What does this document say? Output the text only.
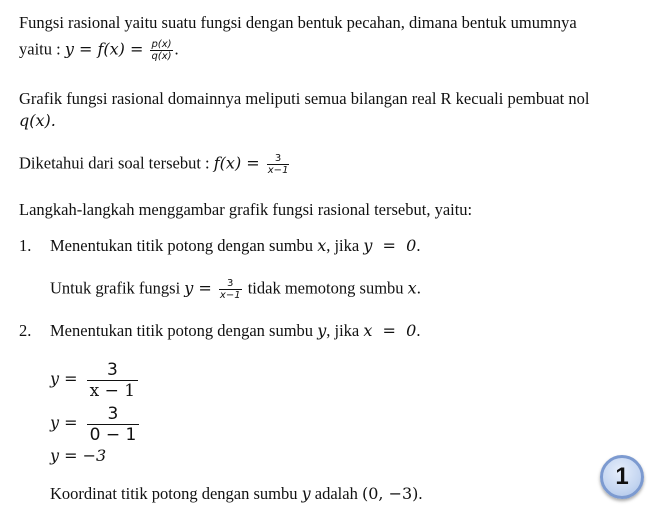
Fungsi rasional yaitu suatu fungsi dengan bentuk pecahan, dimana bentuk umumnya
yaitu : $y = f(x) = \frac{p(x)}{q(x)}$ .
Grafik fungsi rasional domainnya meliputi semua bilangan real R kecuali pembuat nol
q(x).
Diketahui dari soal tersebut : $f(x) = \frac{3}{x-1}$
Langkah-langkah menggambar grafik fungsi rasional tersebut, yaitu:
1. Menentukan titik potong dengan sumbu x, jika y  =  0.
Untuk grafik fungsi $y = \frac{3}{x-1}$ tidak memotong sumbu x.
2. Menentukan titik potong dengan sumbu y, jika x  =  0.
$y = \frac{3}{x - 1}$
$y = \frac{3}{0 - 1}$
y = −3
Koordinat titik potong dengan sumbu y adalah (0, −3).
1
